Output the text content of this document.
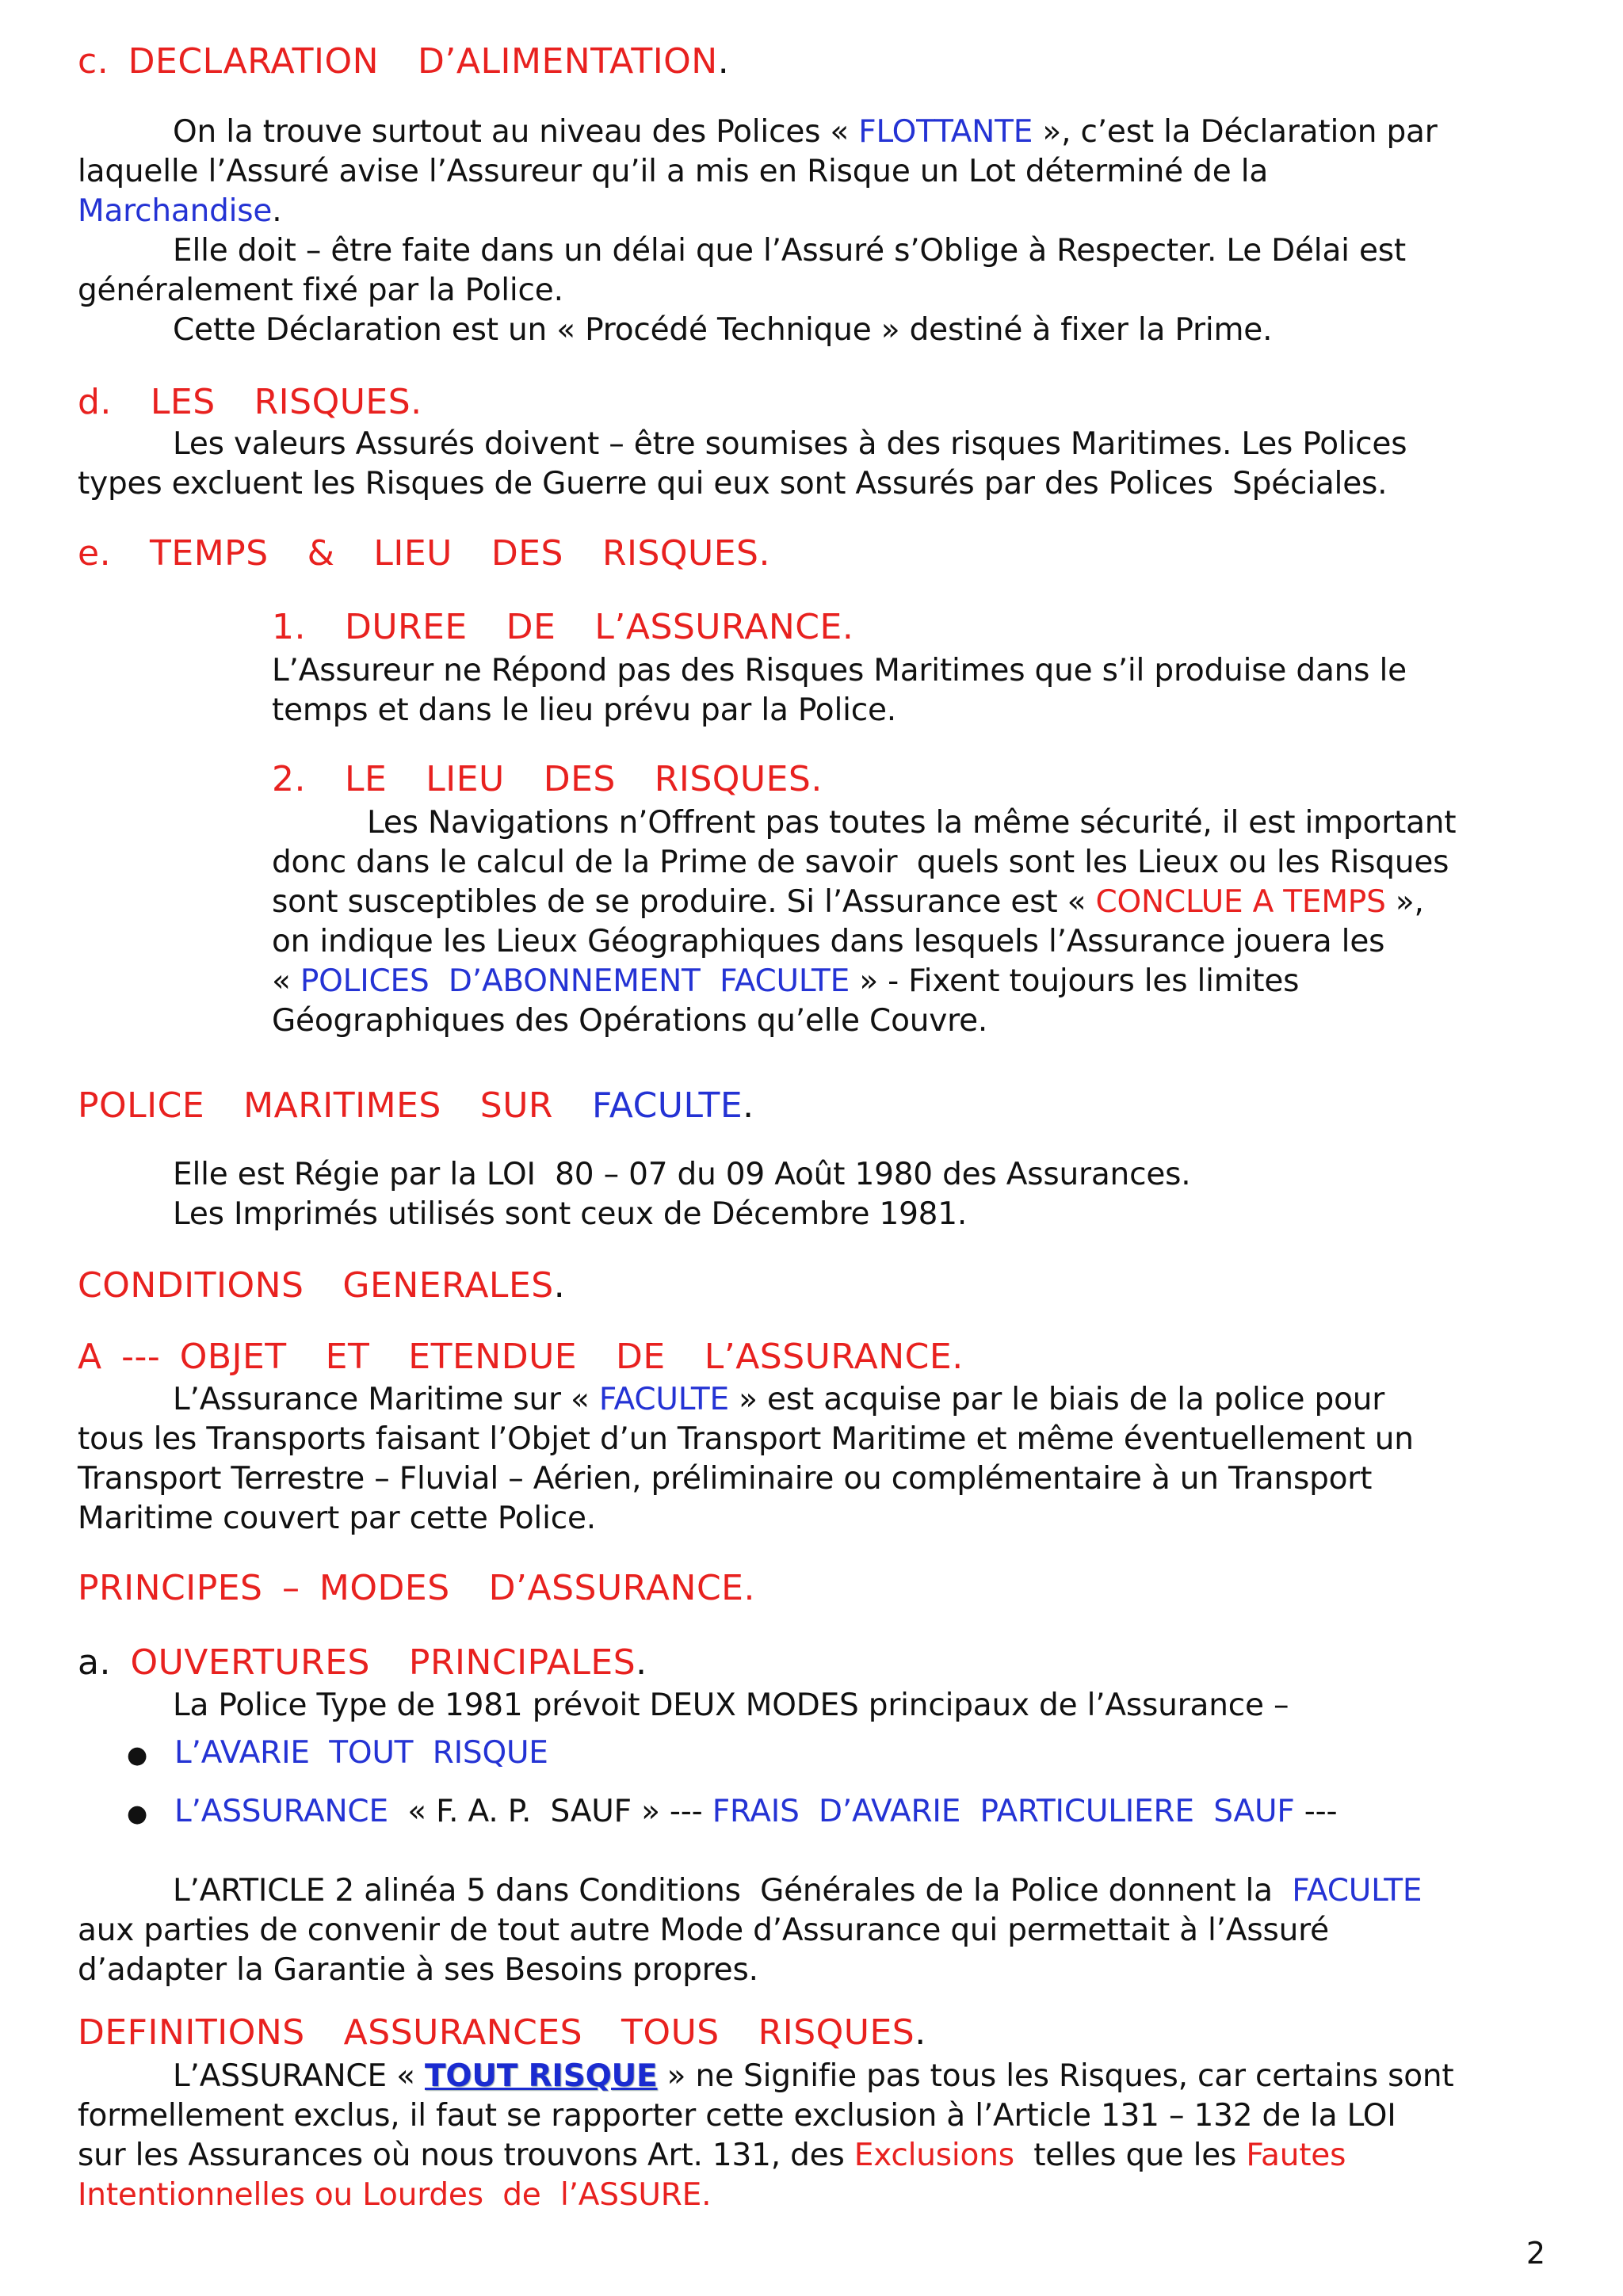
c. DECLARATION  D’ALIMENTATION.
On la trouve surtout au niveau des Polices « FLOTTANTE », c’est la Déclaration par
laquelle l’Assuré avise l’Assureur qu’il a mis en Risque un Lot déterminé de la
Marchandise.
Elle doit – être faite dans un délai que l’Assuré s’Oblige à Respecter. Le Délai est
généralement fixé par la Police.
Cette Déclaration est un « Procédé Technique » destiné à fixer la Prime.
d.  LES  RISQUES.
Les valeurs Assurés doivent – être soumises à des risques Maritimes. Les Polices
types excluent les Risques de Guerre qui eux sont Assurés par des Polices  Spéciales.
e.  TEMPS  &  LIEU  DES  RISQUES.
1.  DUREE  DE  L’ASSURANCE.
L’Assureur ne Répond pas des Risques Maritimes que s’il produise dans le
temps et dans le lieu prévu par la Police.
2.  LE  LIEU  DES  RISQUES.
Les Navigations n’Offrent pas toutes la même sécurité, il est important
donc dans le calcul de la Prime de savoir  quels sont les Lieux ou les Risques
sont susceptibles de se produire. Si l’Assurance est « CONCLUE A TEMPS »,
on indique les Lieux Géographiques dans lesquels l’Assurance jouera les
« POLICES  D’ABONNEMENT  FACULTE » - Fixent toujours les limites
Géographiques des Opérations qu’elle Couvre.
POLICE  MARITIMES  SUR  FACULTE.
Elle est Régie par la LOI  80 – 07 du 09 Août 1980 des Assurances.
Les Imprimés utilisés sont ceux de Décembre 1981.
CONDITIONS  GENERALES.
A --- OBJET  ET  ETENDUE  DE  L’ASSURANCE.
L’Assurance Maritime sur « FACULTE » est acquise par le biais de la police pour
tous les Transports faisant l’Objet d’un Transport Maritime et même éventuellement un
Transport Terrestre – Fluvial – Aérien, préliminaire ou complémentaire à un Transport
Maritime couvert par cette Police.
PRINCIPES – MODES  D’ASSURANCE.
a. OUVERTURES  PRINCIPALES.
La Police Type de 1981 prévoit DEUX MODES principaux de l’Assurance –
● L’AVARIE  TOUT  RISQUE
● L’ASSURANCE  « F. A. P.  SAUF » --- FRAIS  D’AVARIE  PARTICULIERE  SAUF ---
L’ARTICLE 2 alinéa 5 dans Conditions  Générales de la Police donnent la  FACULTE
aux parties de convenir de tout autre Mode d’Assurance qui permettait à l’Assuré
d’adapter la Garantie à ses Besoins propres.
DEFINITIONS  ASSURANCES  TOUS  RISQUES.
L’ASSURANCE « TOUT RISQUE » ne Signifie pas tous les Risques, car certains sont
formellement exclus, il faut se rapporter cette exclusion à l’Article 131 – 132 de la LOI
sur les Assurances où nous trouvons Art. 131, des Exclusions  telles que les Fautes
Intentionnelles ou Lourdes  de  l’ASSURE.
2
